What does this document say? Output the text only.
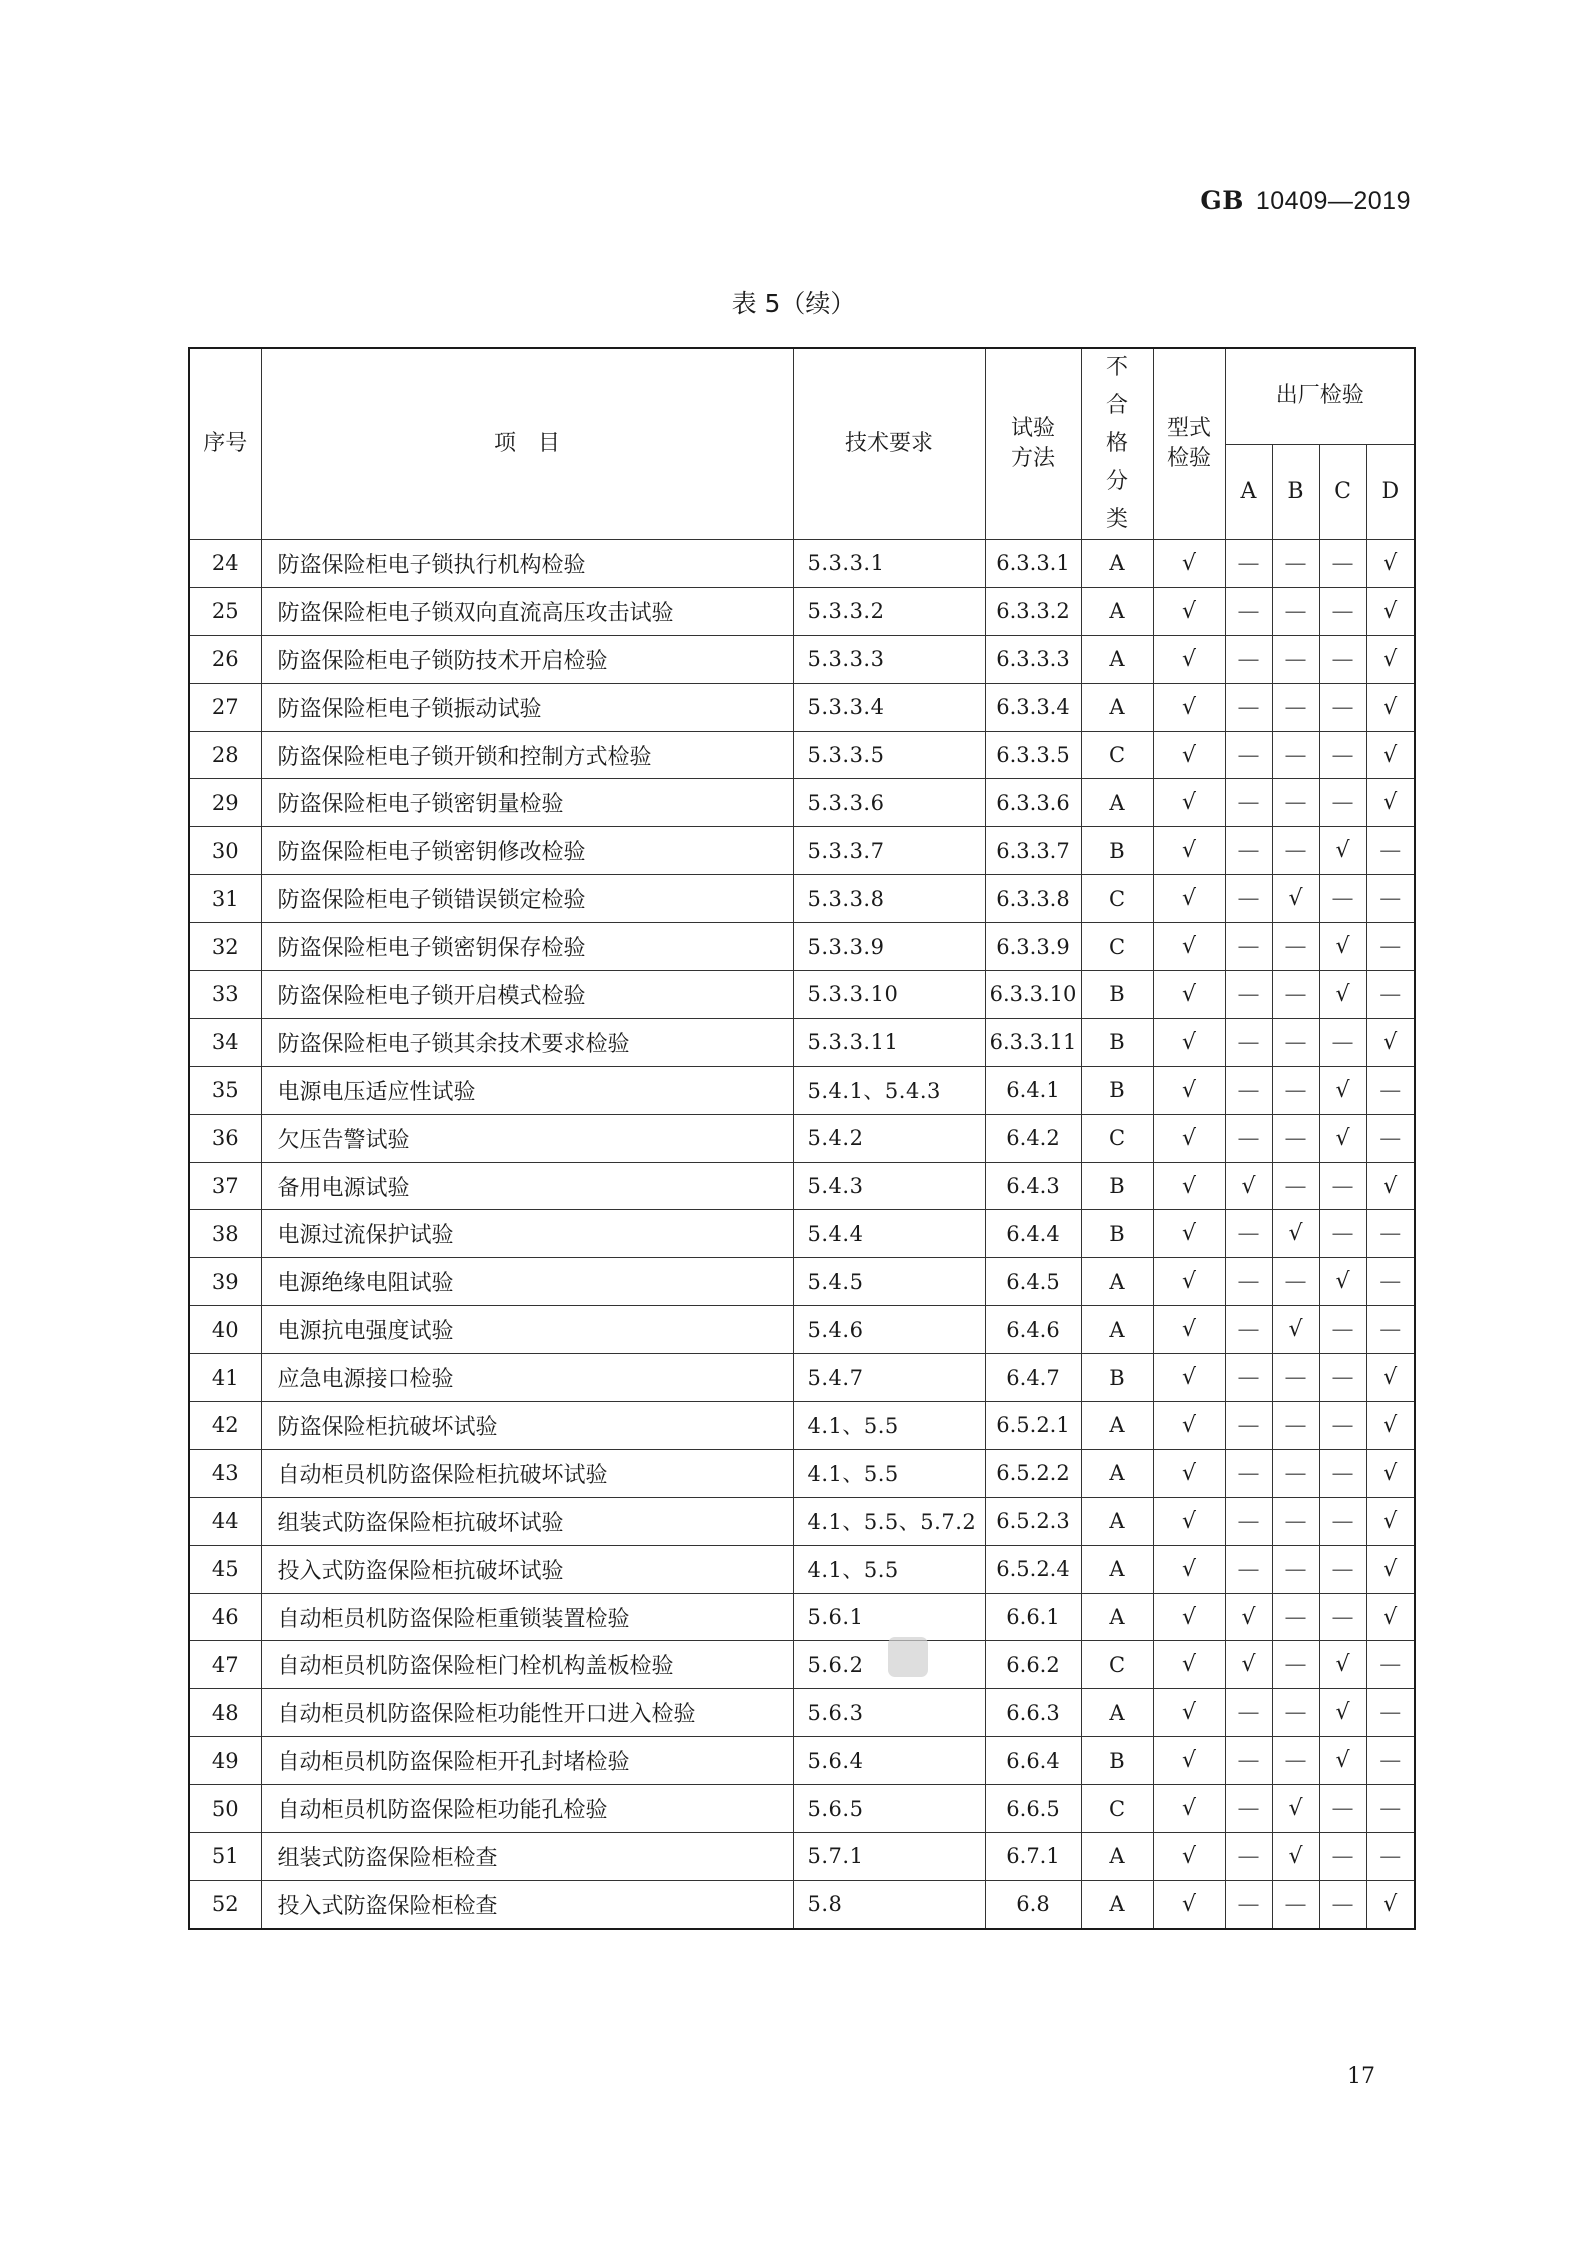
GB 10409—2019
表 5（续）
序号	项　目	技术要求	试验方法	不合格分类	型式检验	出厂检验			
						A	B	C	D
24	防盗保险柜电子锁执行机构检验	5.3.3.1	6.3.3.1	A	√	—	—	—	√
25	防盗保险柜电子锁双向直流高压攻击试验	5.3.3.2	6.3.3.2	A	√	—	—	—	√
26	防盗保险柜电子锁防技术开启检验	5.3.3.3	6.3.3.3	A	√	—	—	—	√
27	防盗保险柜电子锁振动试验	5.3.3.4	6.3.3.4	A	√	—	—	—	√
28	防盗保险柜电子锁开锁和控制方式检验	5.3.3.5	6.3.3.5	C	√	—	—	—	√
29	防盗保险柜电子锁密钥量检验	5.3.3.6	6.3.3.6	A	√	—	—	—	√
30	防盗保险柜电子锁密钥修改检验	5.3.3.7	6.3.3.7	B	√	—	—	√	—
31	防盗保险柜电子锁错误锁定检验	5.3.3.8	6.3.3.8	C	√	—	√	—	—
32	防盗保险柜电子锁密钥保存检验	5.3.3.9	6.3.3.9	C	√	—	—	√	—
33	防盗保险柜电子锁开启模式检验	5.3.3.10	6.3.3.10	B	√	—	—	√	—
34	防盗保险柜电子锁其余技术要求检验	5.3.3.11	6.3.3.11	B	√	—	—	—	√
35	电源电压适应性试验	5.4.1、5.4.3	6.4.1	B	√	—	—	√	—
36	欠压告警试验	5.4.2	6.4.2	C	√	—	—	√	—
37	备用电源试验	5.4.3	6.4.3	B	√	√	—	—	√
38	电源过流保护试验	5.4.4	6.4.4	B	√	—	√	—	—
39	电源绝缘电阻试验	5.4.5	6.4.5	A	√	—	—	√	—
40	电源抗电强度试验	5.4.6	6.4.6	A	√	—	√	—	—
41	应急电源接口检验	5.4.7	6.4.7	B	√	—	—	—	√
42	防盗保险柜抗破坏试验	4.1、5.5	6.5.2.1	A	√	—	—	—	√
43	自动柜员机防盗保险柜抗破坏试验	4.1、5.5	6.5.2.2	A	√	—	—	—	√
44	组装式防盗保险柜抗破坏试验	4.1、5.5、5.7.2	6.5.2.3	A	√	—	—	—	√
45	投入式防盗保险柜抗破坏试验	4.1、5.5	6.5.2.4	A	√	—	—	—	√
46	自动柜员机防盗保险柜重锁装置检验	5.6.1	6.6.1	A	√	√	—	—	√
47	自动柜员机防盗保险柜门栓机构盖板检验	5.6.2	6.6.2	C	√	√	—	√	—
48	自动柜员机防盗保险柜功能性开口进入检验	5.6.3	6.6.3	A	√	—	—	√	—
49	自动柜员机防盗保险柜开孔封堵检验	5.6.4	6.6.4	B	√	—	—	√	—
50	自动柜员机防盗保险柜功能孔检验	5.6.5	6.6.5	C	√	—	√	—	—
51	组装式防盗保险柜检查	5.7.1	6.7.1	A	√	—	√	—	—
52	投入式防盗保险柜检查	5.8	6.8	A	√	—	—	—	√
17
